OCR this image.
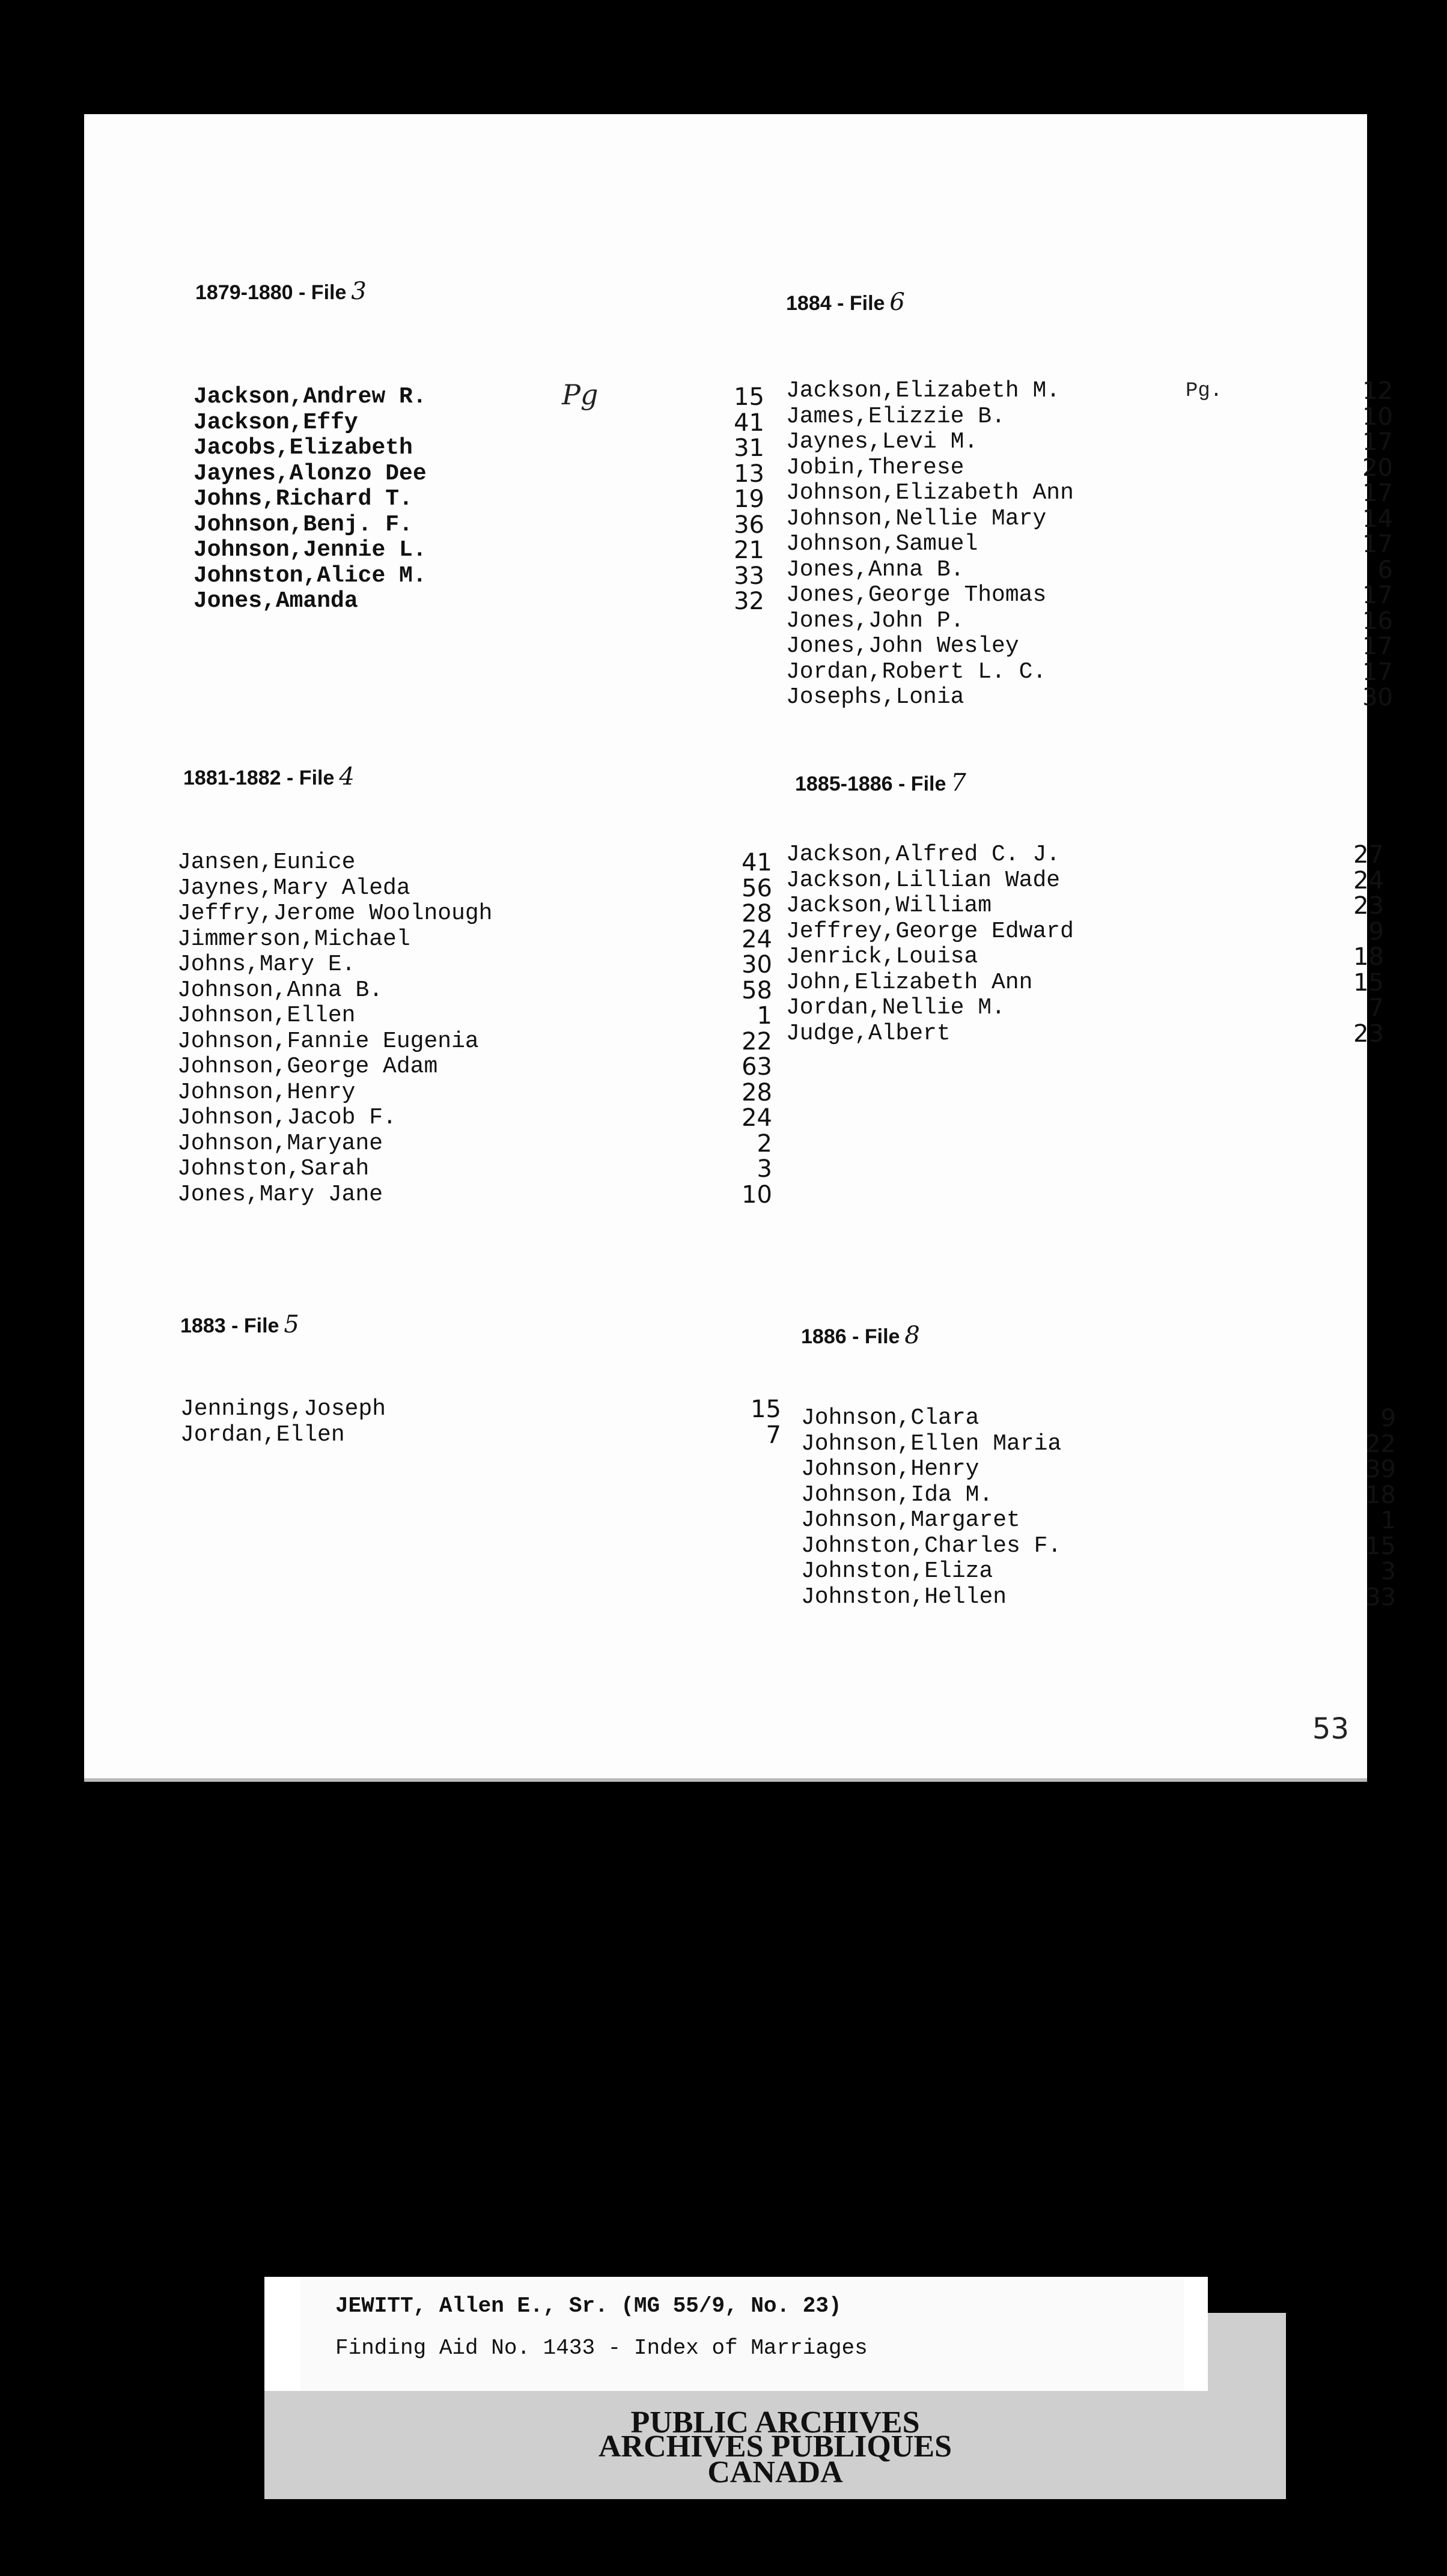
1879-1880 - File 3
Pg
Jackson,Andrew R.	15
Jackson,Effy	41
Jacobs,Elizabeth	31
Jaynes,Alonzo Dee	13
Johns,Richard T.	19
Johnson,Benj. F.	36
Johnson,Jennie L.	21
Johnston,Alice M.	33
Jones,Amanda	32
1884 - File 6
Pg.
Jackson,Elizabeth M.	12
James,Elizzie B.	10
Jaynes,Levi M.	17
Jobin,Therese	20
Johnson,Elizabeth Ann	17
Johnson,Nellie Mary	14
Johnson,Samuel	17
Jones,Anna B.	6
Jones,George Thomas	17
Jones,John P.	16
Jones,John Wesley	17
Jordan,Robert L. C.	17
Josephs,Lonia	30
1881-1882 - File 4
Jansen,Eunice	41
Jaynes,Mary Aleda	56
Jeffry,Jerome Woolnough	28
Jimmerson,Michael	24
Johns,Mary E.	30
Johnson,Anna B.	58
Johnson,Ellen	1
Johnson,Fannie Eugenia	22
Johnson,George Adam	63
Johnson,Henry	28
Johnson,Jacob F.	24
Johnson,Maryane	2
Johnston,Sarah	3
Jones,Mary Jane	10
1885-1886 - File 7
Jackson,Alfred C. J.	27
Jackson,Lillian Wade	24
Jackson,William	23
Jeffrey,George Edward	9
Jenrick,Louisa	18
John,Elizabeth Ann	15
Jordan,Nellie M.	7
Judge,Albert	23
1883 - File 5
Jennings,Joseph	15
Jordan,Ellen	7
1886 - File 8
Johnson,Clara	9
Johnson,Ellen Maria	22
Johnson,Henry	39
Johnson,Ida M.	18
Johnson,Margaret	1
Johnston,Charles F.	15
Johnston,Eliza	3
Johnston,Hellen	33
53
PUBLIC ARCHIVES
ARCHIVES PUBLIQUES
CANADA
JEWITT, Allen E., Sr. (MG 55/9, No. 23)
Finding Aid No. 1433 - Index of Marriages
